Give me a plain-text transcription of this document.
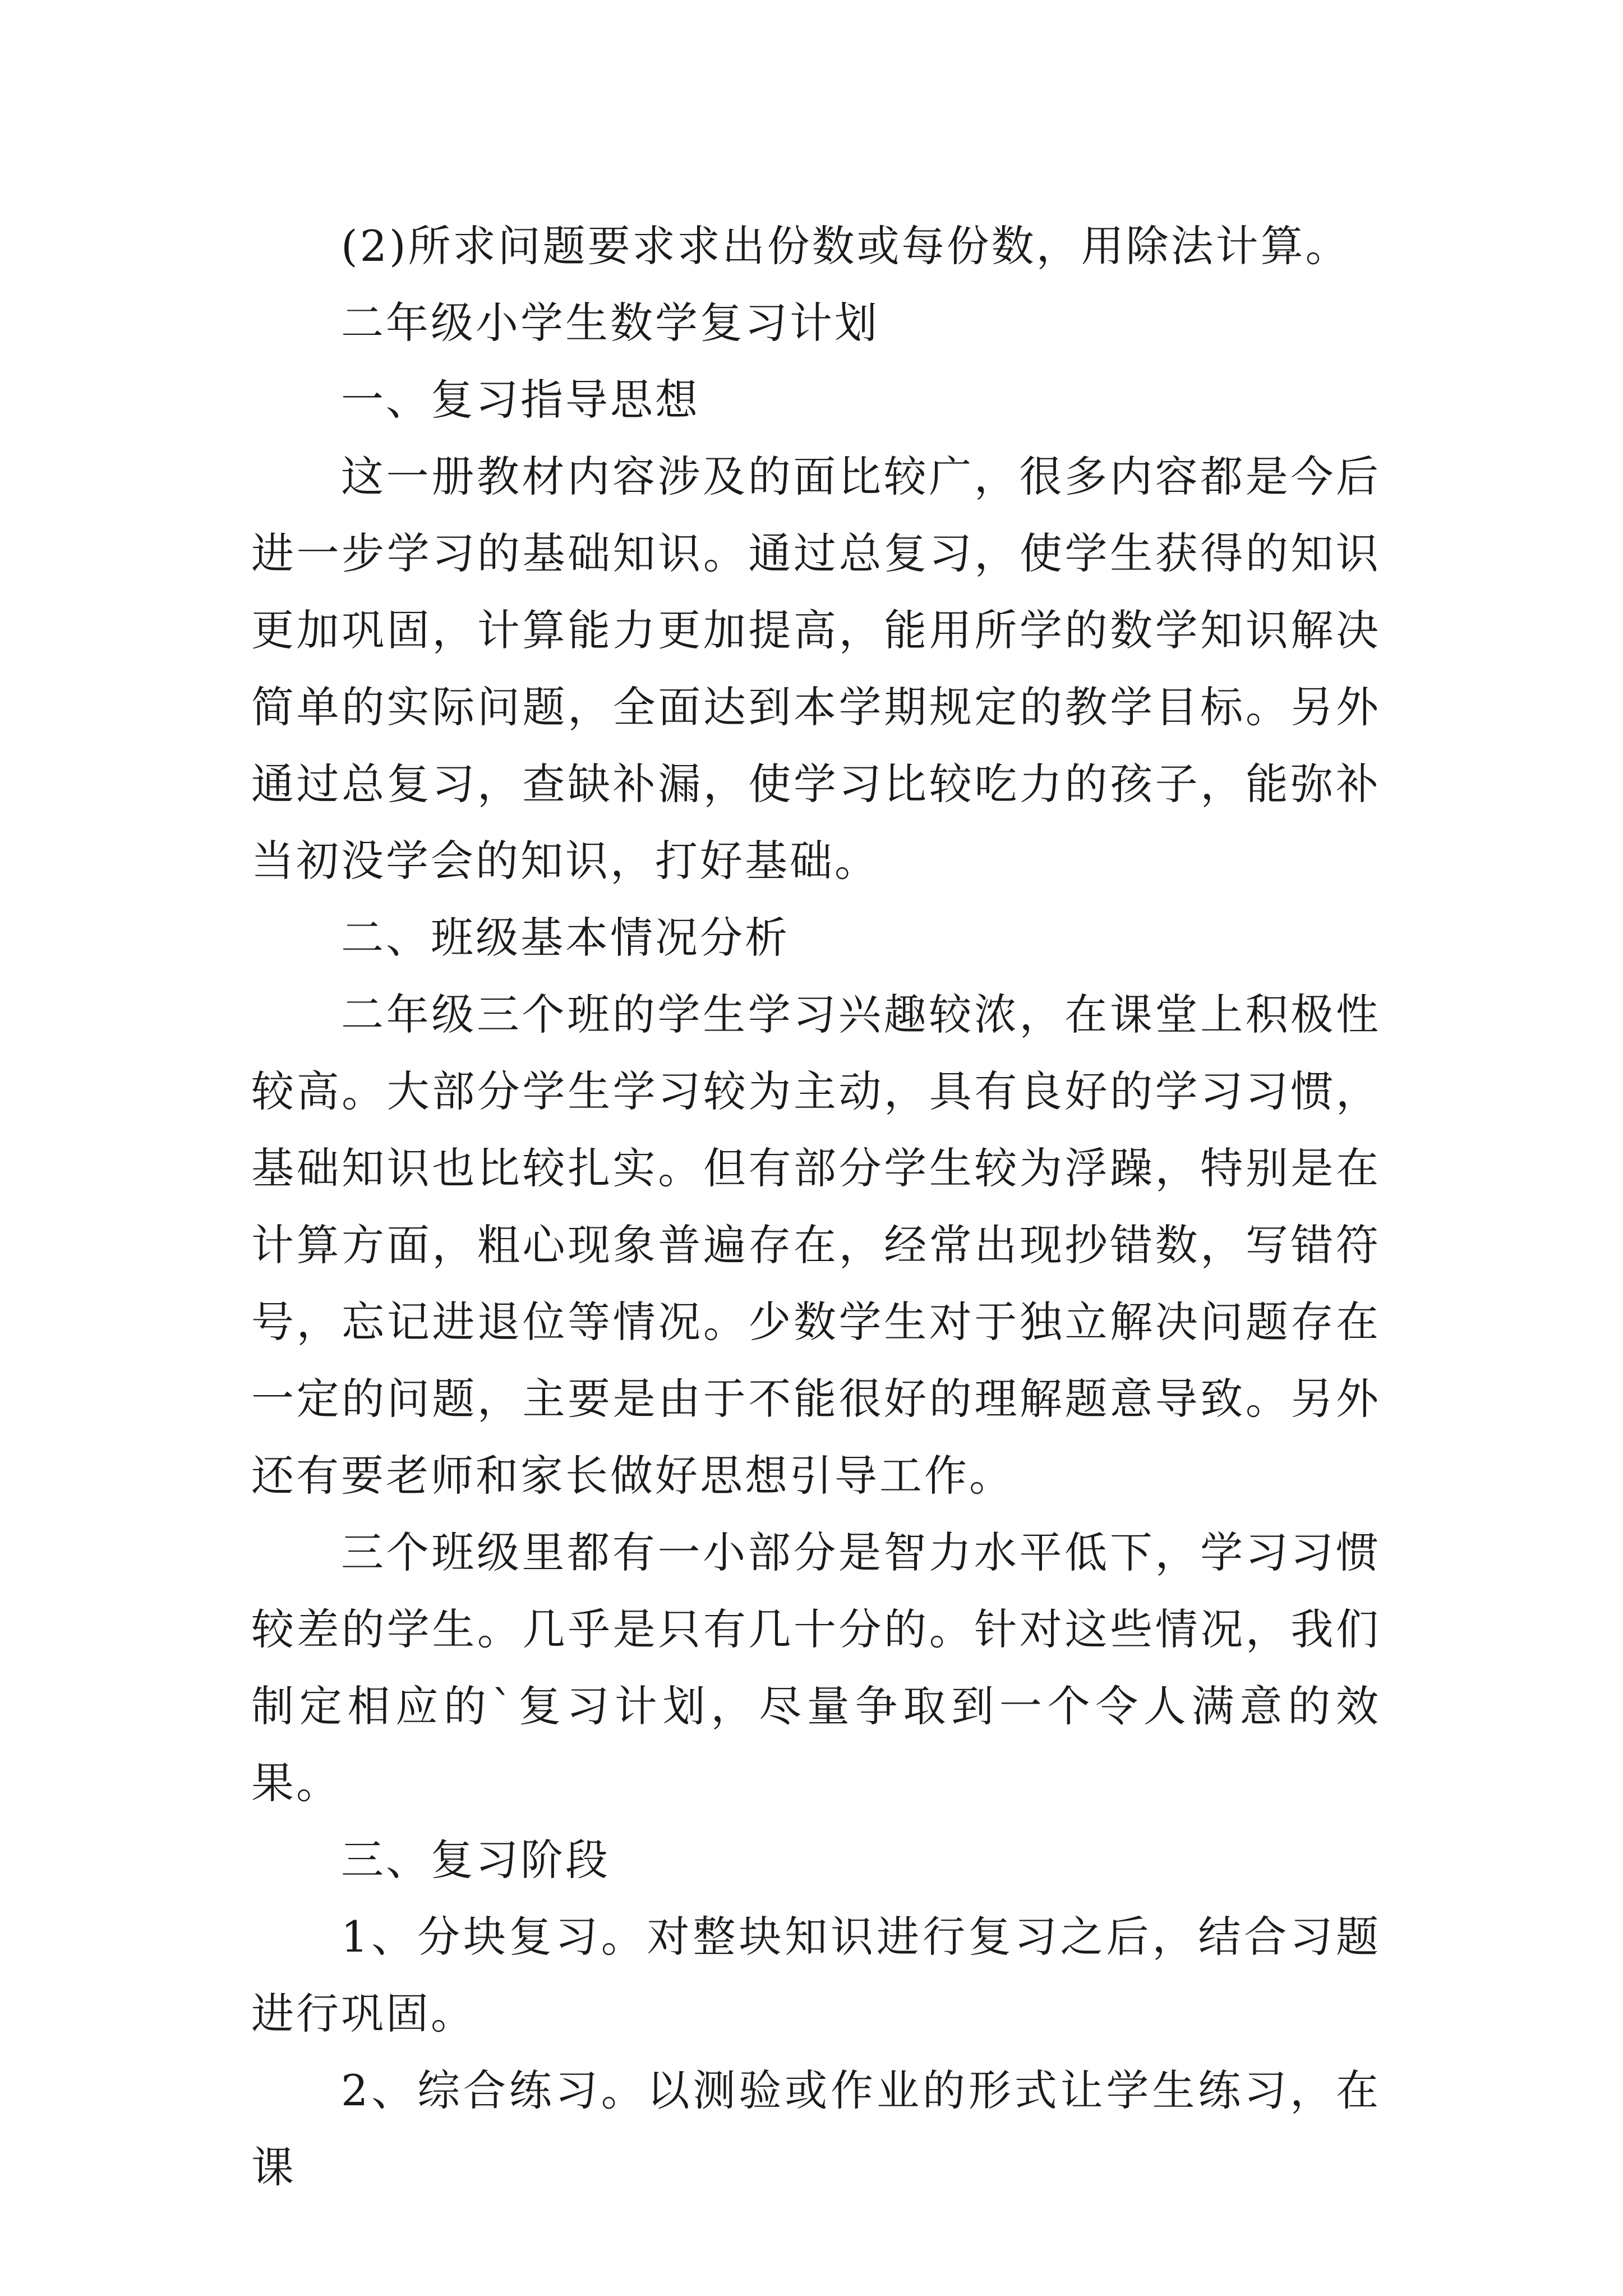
(2)所求问题要求求出份数或每份数，用除法计算。

二年级小学生数学复习计划

一、复习指导思想

这一册教材内容涉及的面比较广，很多内容都是今后进一步学习的基础知识。通过总复习，使学生获得的知识更加巩固，计算能力更加提高，能用所学的数学知识解决简单的实际问题，全面达到本学期规定的教学目标。另外通过总复习，查缺补漏，使学习比较吃力的孩子，能弥补当初没学会的知识，打好基础。

二、班级基本情况分析

二年级三个班的学生学习兴趣较浓，在课堂上积极性较高。大部分学生学习较为主动，具有良好的学习习惯，基础知识也比较扎实。但有部分学生较为浮躁，特别是在计算方面，粗心现象普遍存在，经常出现抄错数，写错符号，忘记进退位等情况。少数学生对于独立解决问题存在一定的问题，主要是由于不能很好的理解题意导致。另外还有要老师和家长做好思想引导工作。

三个班级里都有一小部分是智力水平低下，学习习惯较差的学生。几乎是只有几十分的。针对这些情况，我们制定相应的`复习计划，尽量争取到一个令人满意的效果。

三、复习阶段

1、分块复习。对整块知识进行复习之后，结合习题进行巩固。

2、综合练习。以测验或作业的形式让学生练习，在课
